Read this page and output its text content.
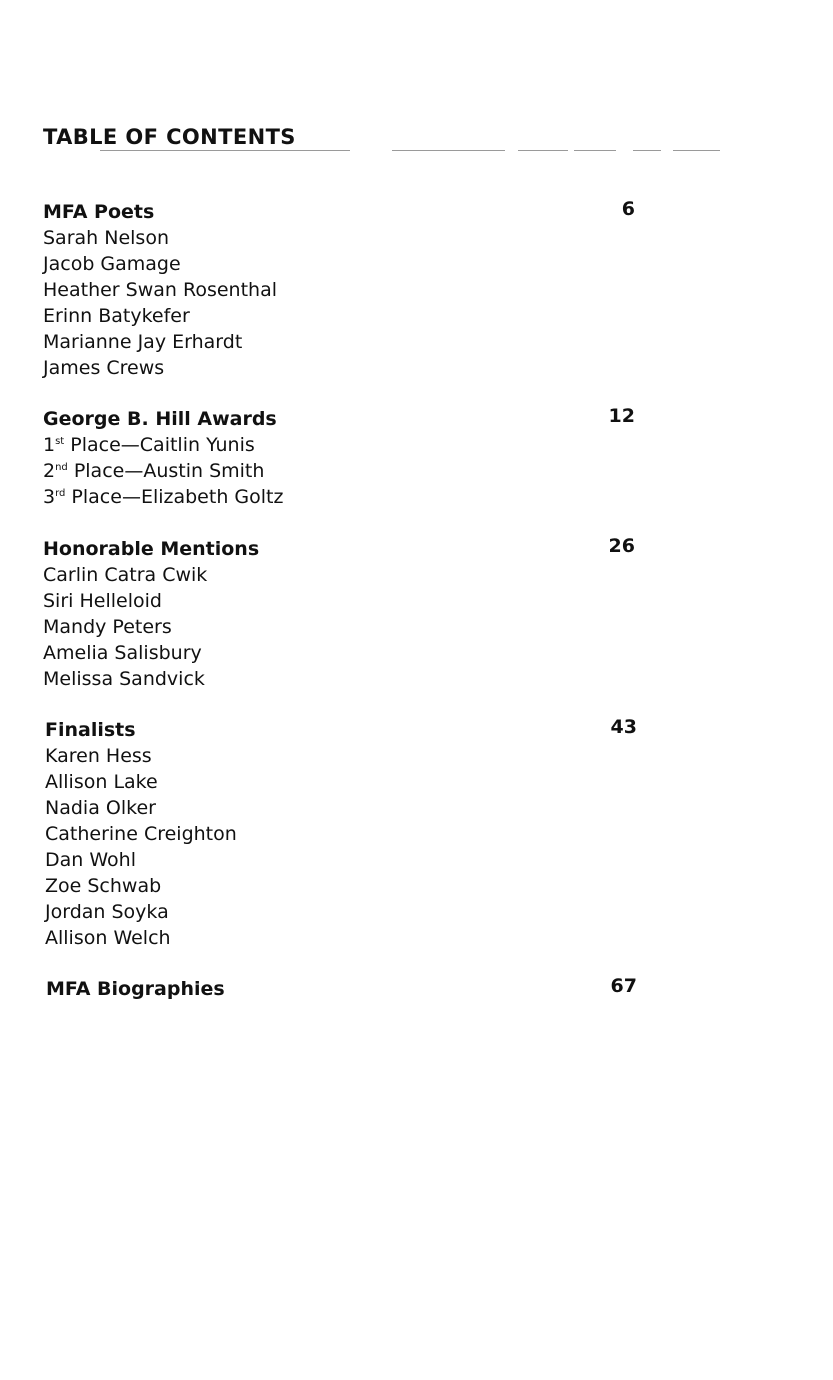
TABLE OF CONTENTS
MFA Poets	6
Sarah Nelson
Jacob Gamage
Heather Swan Rosenthal
Erinn Batykefer
Marianne Jay Erhardt
James Crews
George B. Hill Awards	12
1st Place—Caitlin Yunis
2nd Place—Austin Smith
3rd Place—Elizabeth Goltz
Honorable Mentions	26
Carlin Catra Cwik
Siri Helleloid
Mandy Peters
Amelia Salisbury
Melissa Sandvick
Finalists	43
Karen Hess
Allison Lake
Nadia Olker
Catherine Creighton
Dan Wohl
Zoe Schwab
Jordan Soyka
Allison Welch
MFA Biographies	67
